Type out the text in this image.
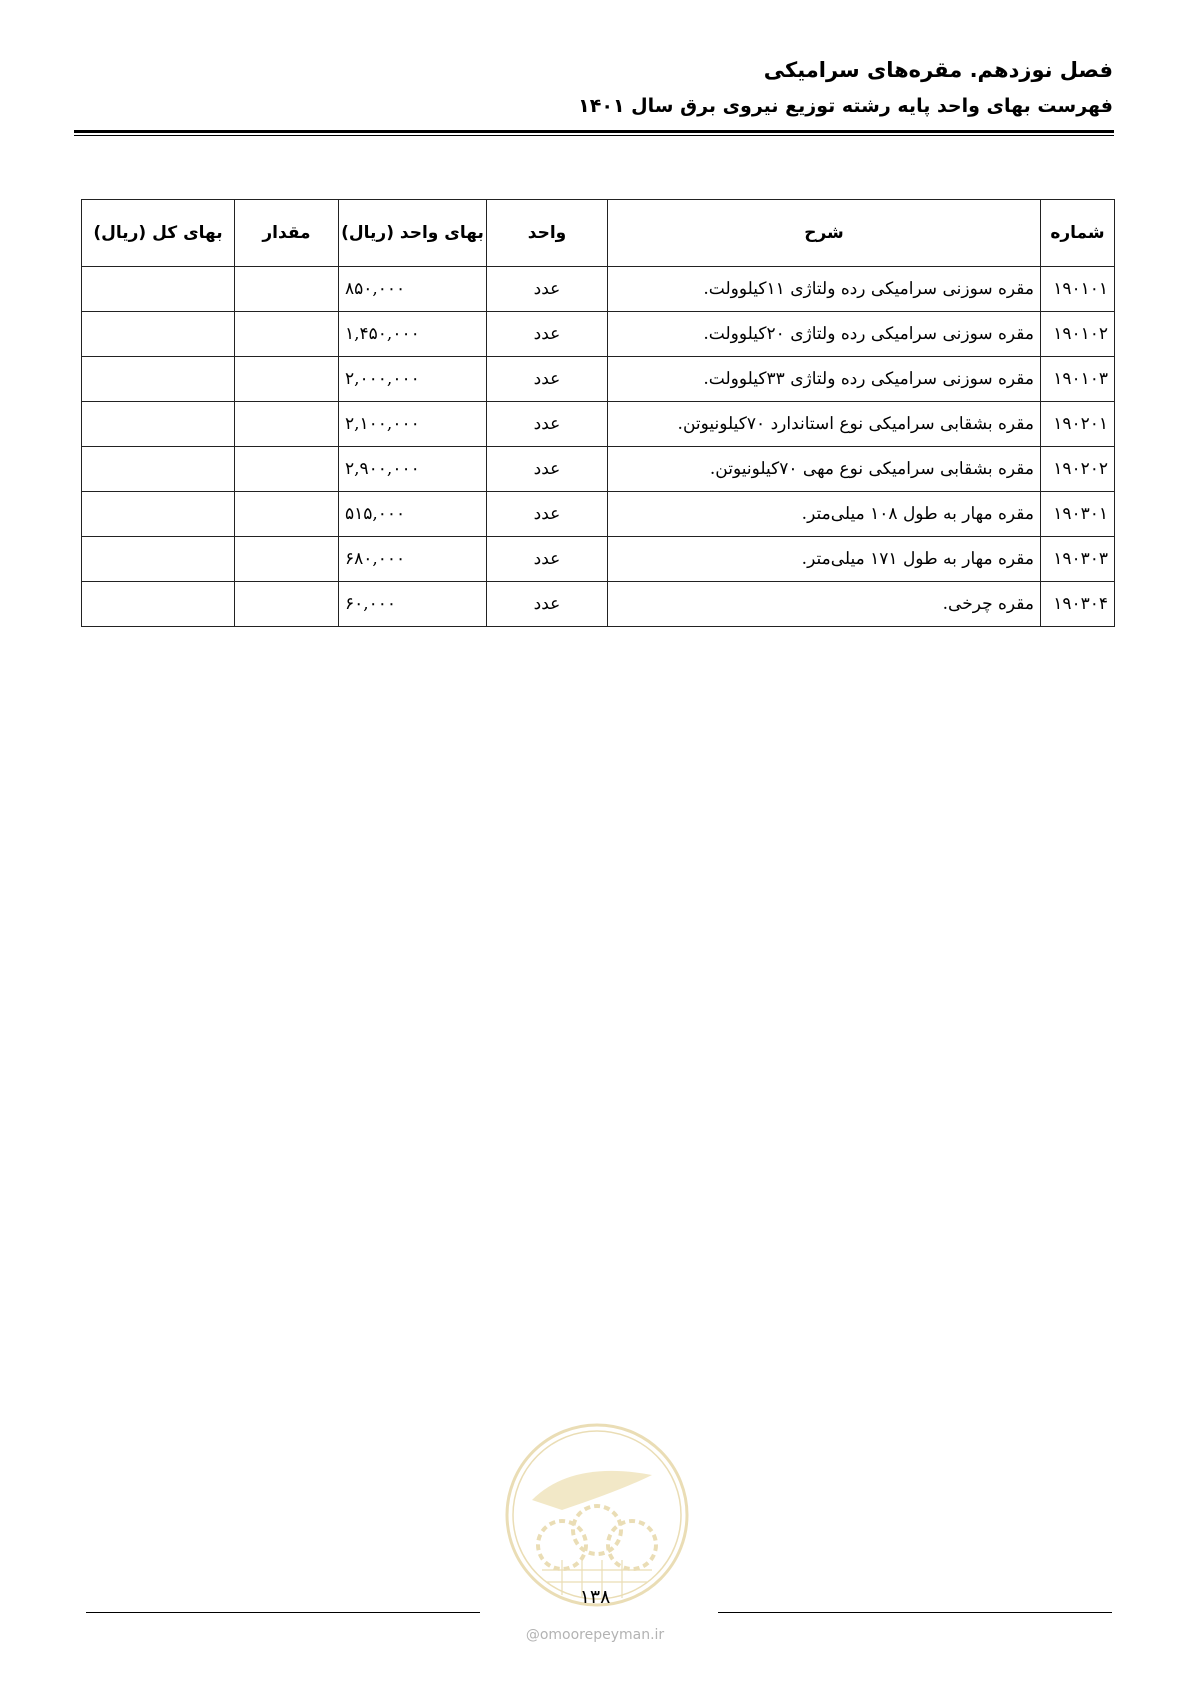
فصل نوزدهم. مقره‌های سرامیکی
فهرست بهای واحد پایه رشته توزیع نیروی برق سال ۱۴۰۱
شماره	شرح	واحد	بهای واحد (ریال)	مقدار	بهای کل (ریال)
۱۹۰۱۰۱	مقره سوزنی سرامیکی رده ولتاژی ۱۱کیلوولت.	عدد	۸۵۰,۰۰۰		
۱۹۰۱۰۲	مقره سوزنی سرامیکی رده ولتاژی ۲۰کیلوولت.	عدد	۱,۴۵۰,۰۰۰		
۱۹۰۱۰۳	مقره سوزنی سرامیکی رده ولتاژی ۳۳کیلوولت.	عدد	۲,۰۰۰,۰۰۰		
۱۹۰۲۰۱	مقره بشقابی سرامیکی نوع استاندارد ۷۰کیلونیوتن.	عدد	۲,۱۰۰,۰۰۰		
۱۹۰۲۰۲	مقره بشقابی سرامیکی نوع مهی ۷۰کیلونیوتن.	عدد	۲,۹۰۰,۰۰۰		
۱۹۰۳۰۱	مقره مهار به طول ۱۰۸ میلی‌متر.	عدد	۵۱۵,۰۰۰		
۱۹۰۳۰۳	مقره مهار به طول ۱۷۱ میلی‌متر.	عدد	۶۸۰,۰۰۰		
۱۹۰۳۰۴	مقره چرخی.	عدد	۶۰,۰۰۰		
۱۳۸
@omoorepeyman.ir
